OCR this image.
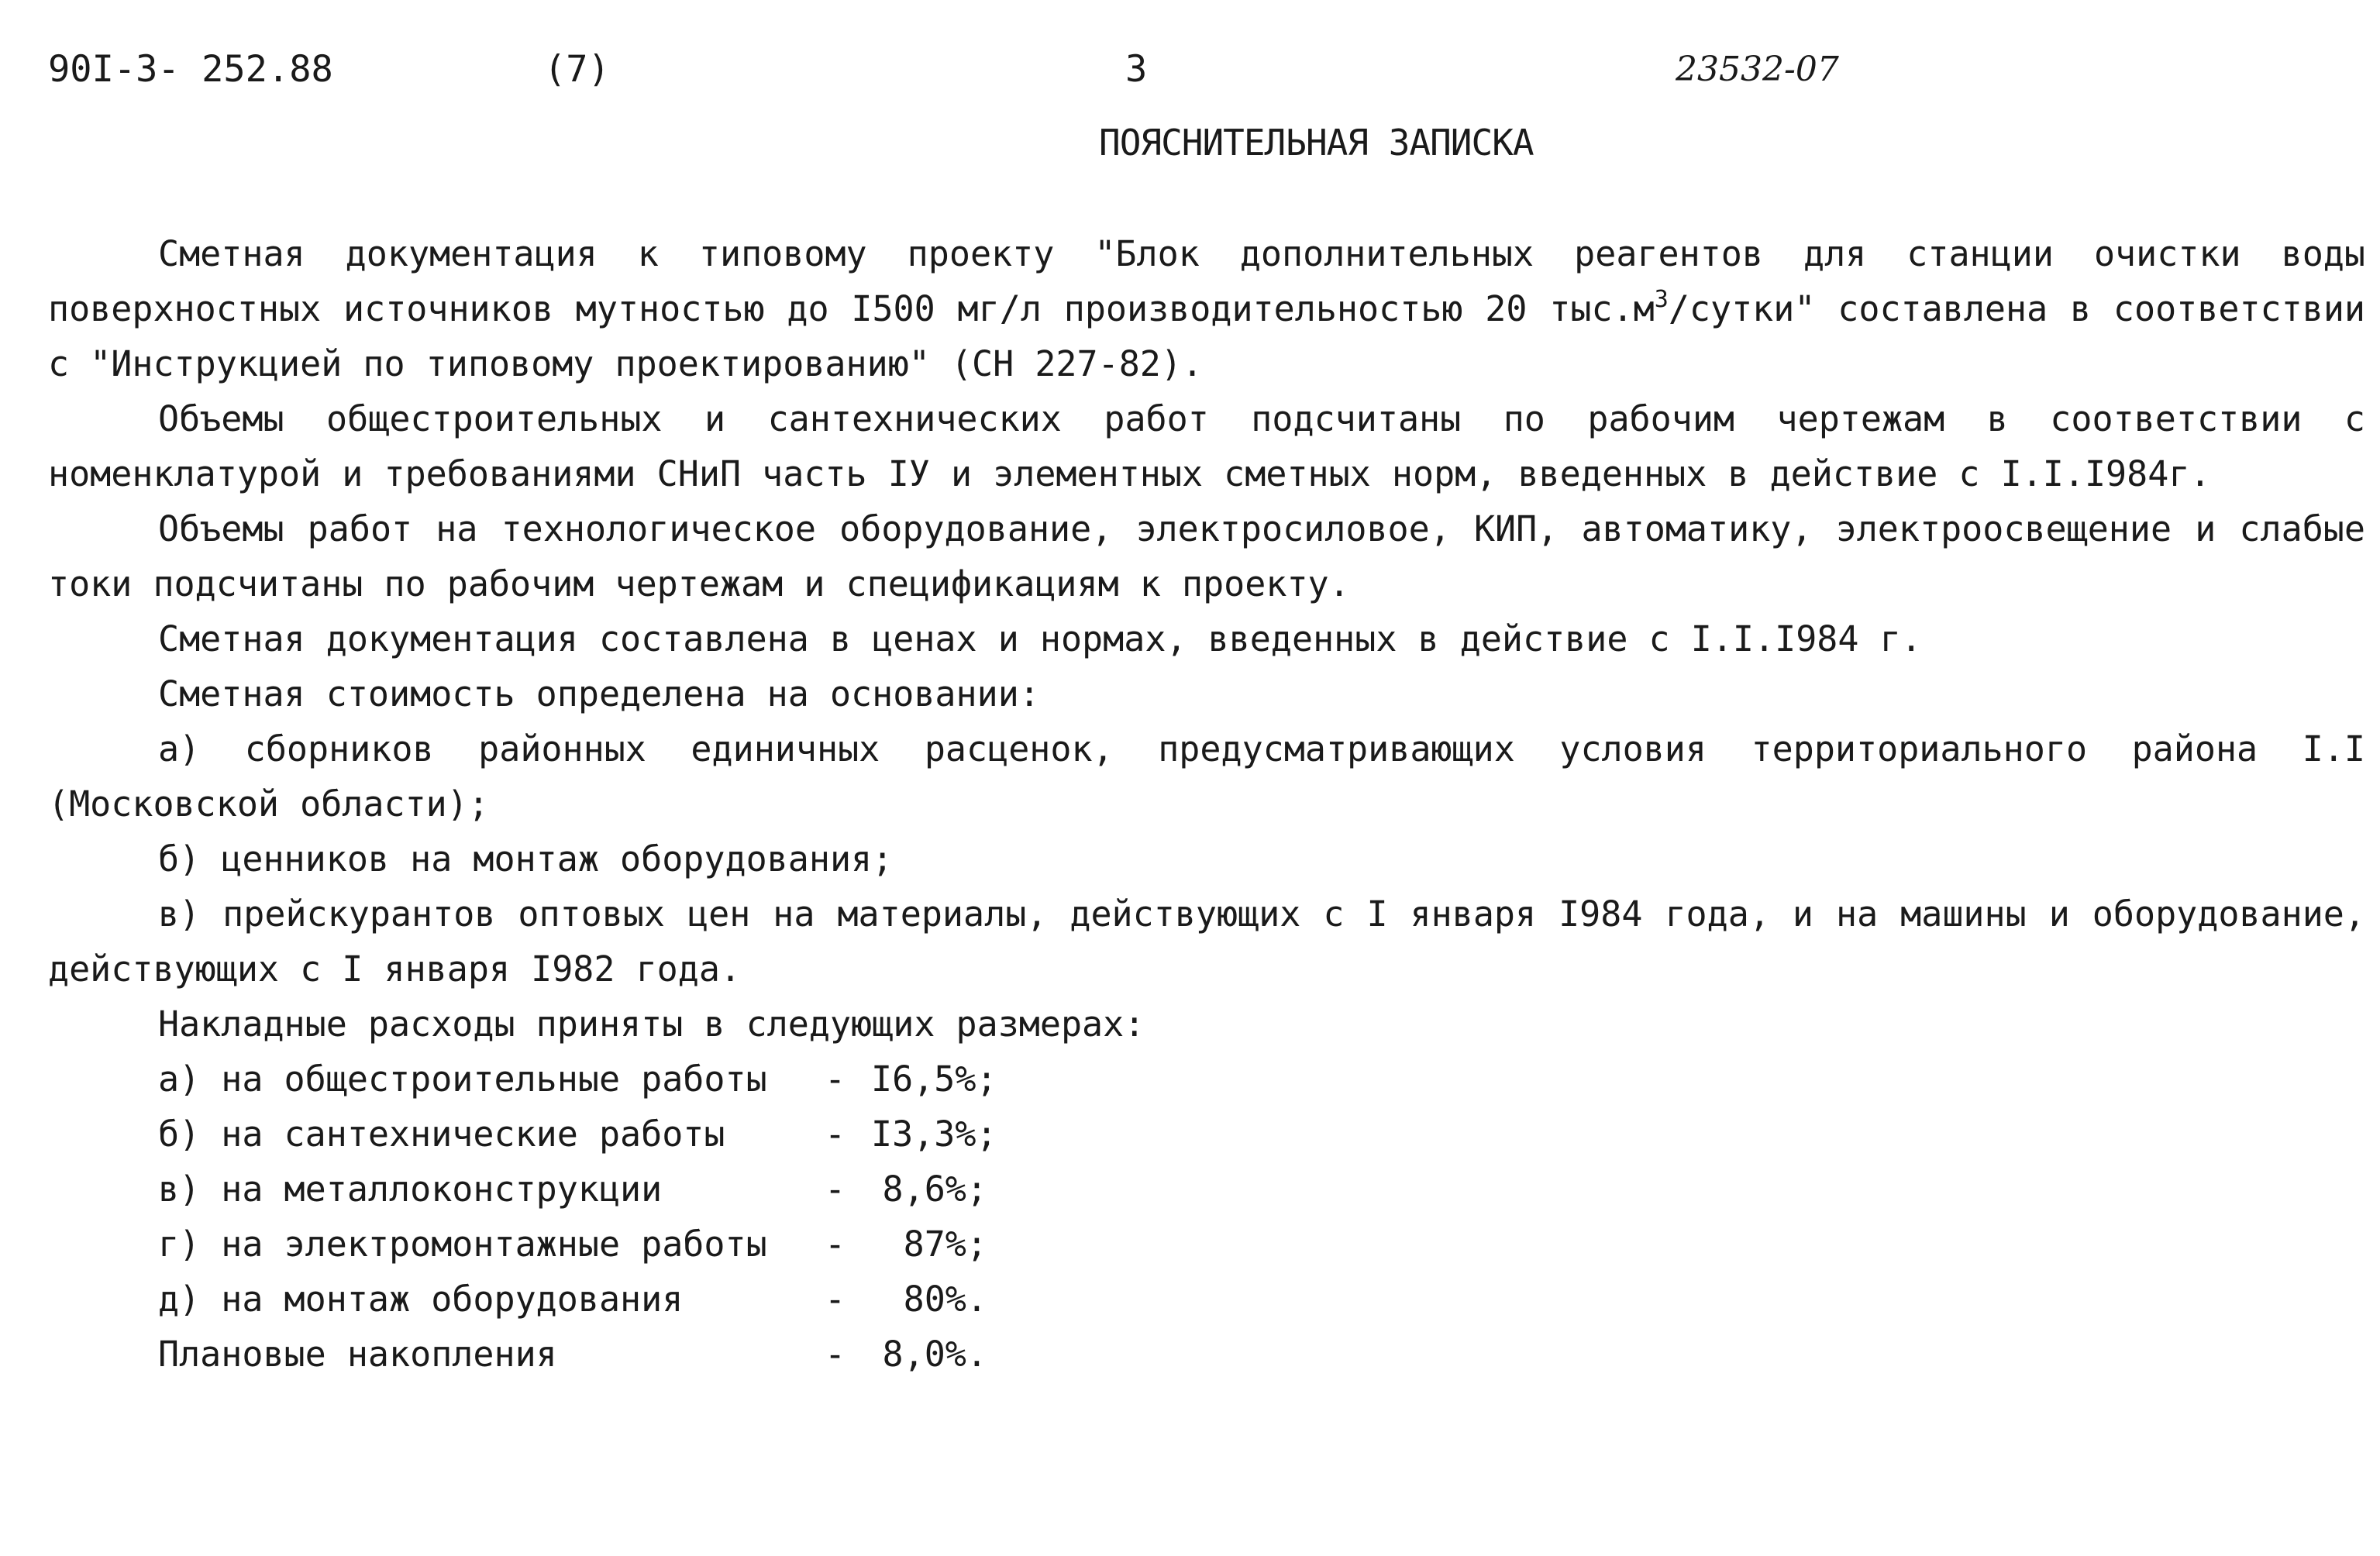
90I-3- 252.88	(7)	3	23532-07
ПОЯСНИТЕЛЬНАЯ ЗАПИСКА

Сметная документация к типовому проекту "Блок дополнительных реагентов для станции очистки воды поверхностных источников мутностью до I500 мг/л производительностью 20 $тыс.м^3$/сутки" составлена в соответствии с "Инструкцией по типовому проектированию" (СН 227-82).

Объемы общестроительных и сантехнических работ подсчитаны по рабочим чертежам в соответствии с номенклатурой и требованиями СНиП часть IУ и элементных сметных норм, введенных в действие с I.I.I984г.

Объемы работ на технологическое оборудование, электросиловое, КИП, автоматику, электроосвещение и слабые токи подсчитаны по рабочим чертежам и спецификациям к проекту.

Сметная документация составлена в ценах и нормах, введенных в действие с I.I.I984 г.

Сметная стоимость определена на основании:

а) сборников районных единичных расценок, предусматривающих условия территориального района I.I (Московской области);

б) ценников на монтаж оборудования;

в) прейскурантов оптовых цен на материалы, действующих с I января I984 года, и на машины и оборудование, действующих с I января I982 года.

Накладные расходы приняты в следующих размерах:

а) на общестроительные работы	- I6,5%;
б) на сантехнические работы	- I3,3%;
в) на металлоконструкции	-	8,6%;
г) на электромонтажные работы	-	87%;
д) на монтаж оборудования	-	80%.
Плановые накопления	-	8,0%.
